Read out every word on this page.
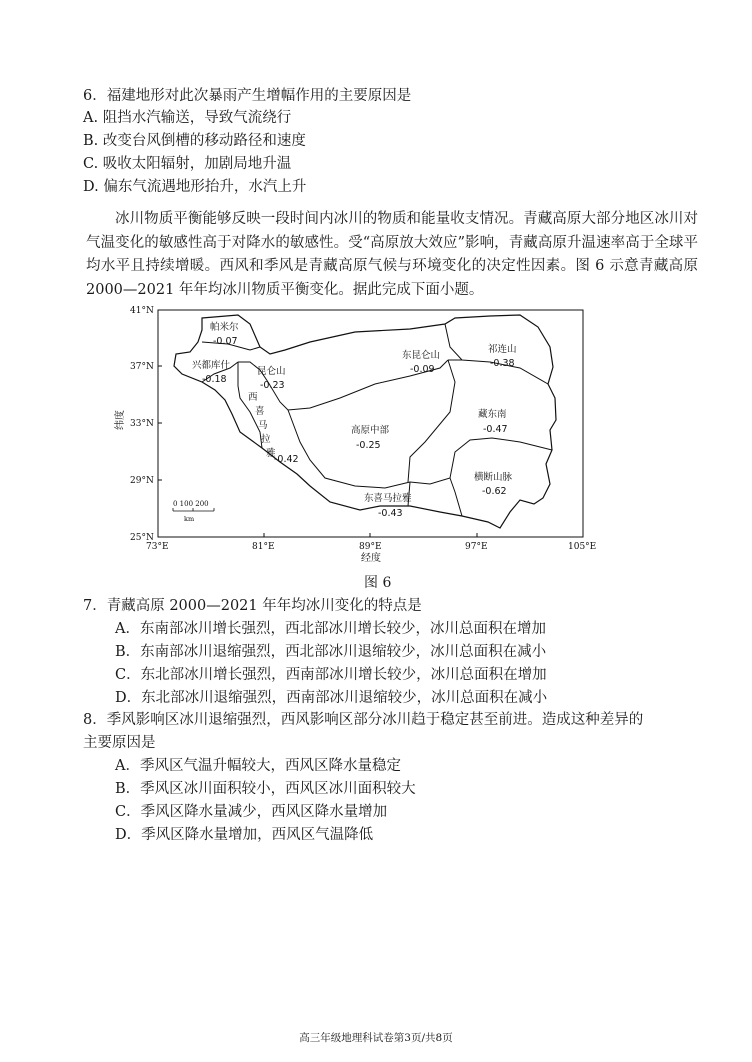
6．福建地形对此次暴雨产生增幅作用的主要原因是
A. 阻挡水汽输送，导致气流绕行
B. 改变台风倒槽的移动路径和速度
C. 吸收太阳辐射，加剧局地升温
D. 偏东气流遇地形抬升，水汽上升
冰川物质平衡能够反映一段时间内冰川的物质和能量收支情况。青藏高原大部分地区冰川对气温变化的敏感性高于对降水的敏感性。受“高原放大效应”影响，青藏高原升温速率高于全球平均水平且持续增暖。西风和季风是青藏高原气候与环境变化的决定性因素。图 6 示意青藏高原 2000—2021 年年均冰川物质平衡变化。据此完成下面小题。
帕米尔
-0.07
兴都库什
-0.18
昆仑山
-0.23
东昆仑山
-0.09
祁连山
-0.38
西
喜
马
拉
雅
-0.42
高原中部
-0.25
藏东南
-0.47
横断山脉
-0.62
东喜马拉雅
-0.43
0 100 200
km
41°N
37°N
33°N
29°N
25°N
纬度
73°E	81°E	89°E	97°E	105°E
经度
图 6
7．青藏高原 2000—2021 年年均冰川变化的特点是
A．东南部冰川增长强烈，西北部冰川增长较少，冰川总面积在增加
B．东南部冰川退缩强烈，西北部冰川退缩较少，冰川总面积在减小
C．东北部冰川增长强烈，西南部冰川增长较少，冰川总面积在增加
D．东北部冰川退缩强烈，西南部冰川退缩较少，冰川总面积在减小
8．季风影响区冰川退缩强烈，西风影响区部分冰川趋于稳定甚至前进。造成这种差异的
主要原因是
A．季风区气温升幅较大，西风区降水量稳定
B．季风区冰川面积较小，西风区冰川面积较大
C．季风区降水量减少，西风区降水量增加
D．季风区降水量增加，西风区气温降低
高三年级地理科试卷第3页/共8页
